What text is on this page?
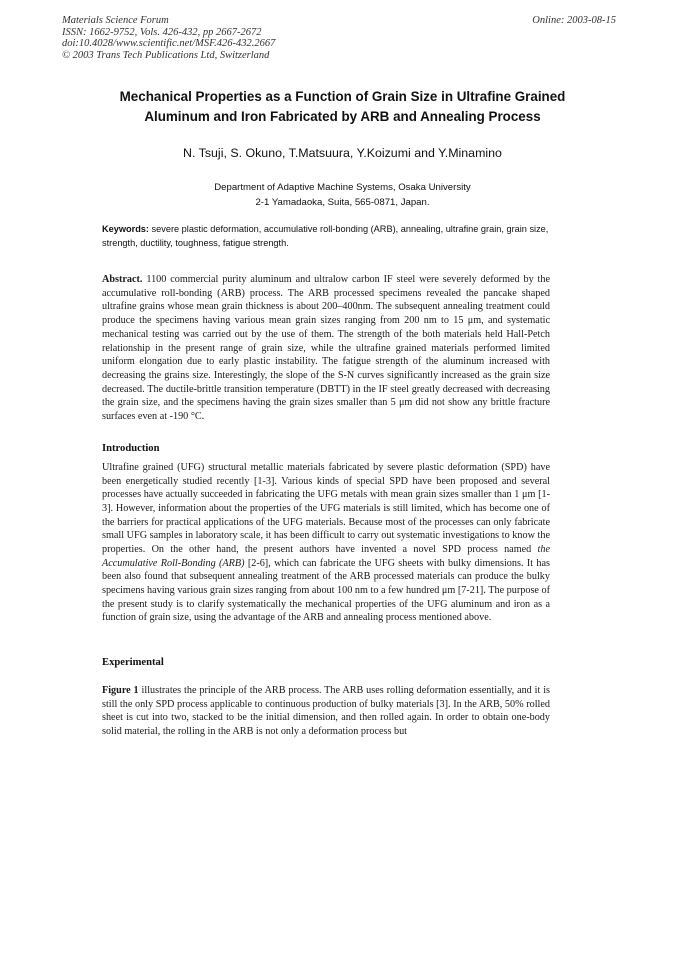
Materials Science Forum
ISSN: 1662-9752, Vols. 426-432, pp 2667-2672
doi:10.4028/www.scientific.net/MSF.426-432.2667
© 2003 Trans Tech Publications Ltd, Switzerland
Online: 2003-08-15
Mechanical Properties as a Function of Grain Size in Ultrafine Grained
Aluminum and Iron Fabricated by ARB and Annealing Process
N. Tsuji, S. Okuno, T.Matsuura, Y.Koizumi and Y.Minamino
Department of Adaptive Machine Systems, Osaka University
2-1 Yamadaoka, Suita, 565-0871, Japan.
Keywords: severe plastic deformation, accumulative roll-bonding (ARB), annealing, ultrafine grain, grain size, strength, ductility, toughness, fatigue strength.
Abstract. 1100 commercial purity aluminum and ultralow carbon IF steel were severely deformed by the accumulative roll-bonding (ARB) process. The ARB processed specimens revealed the pancake shaped ultrafine grains whose mean grain thickness is about 200–400nm. The subsequent annealing treatment could produce the specimens having various mean grain sizes ranging from 200 nm to 15 μm, and systematic mechanical testing was carried out by the use of them. The strength of the both materials held Hall-Petch relationship in the present range of grain size, while the ultrafine grained materials performed limited uniform elongation due to early plastic instability. The fatigue strength of the aluminum increased with decreasing the grains size. Interestingly, the slope of the S-N curves significantly increased as the grain size decreased. The ductile-brittle transition temperature (DBTT) in the IF steel greatly decreased with decreasing the grain size, and the specimens having the grain sizes smaller than 5 μm did not show any brittle fracture surfaces even at -190 °C.
Introduction
Ultrafine grained (UFG) structural metallic materials fabricated by severe plastic deformation (SPD) have been energetically studied recently [1-3]. Various kinds of special SPD have been proposed and several processes have actually succeeded in fabricating the UFG metals with mean grain sizes smaller than 1 μm [1-3]. However, information about the properties of the UFG materials is still limited, which has become one of the barriers for practical applications of the UFG materials. Because most of the processes can only fabricate small UFG samples in laboratory scale, it has been difficult to carry out systematic investigations to know the properties. On the other hand, the present authors have invented a novel SPD process named the Accumulative Roll-Bonding (ARB) [2-6], which can fabricate the UFG sheets with bulky dimensions. It has been also found that subsequent annealing treatment of the ARB processed materials can produce the bulky specimens having various grain sizes ranging from about 100 nm to a few hundred μm [7-21]. The purpose of the present study is to clarify systematically the mechanical properties of the UFG aluminum and iron as a function of grain size, using the advantage of the ARB and annealing process mentioned above.
Experimental
Figure 1 illustrates the principle of the ARB process. The ARB uses rolling deformation essentially, and it is still the only SPD process applicable to continuous production of bulky materials [3]. In the ARB, 50% rolled sheet is cut into two, stacked to be the initial dimension, and then rolled again. In order to obtain one-body solid material, the rolling in the ARB is not only a deformation process but
